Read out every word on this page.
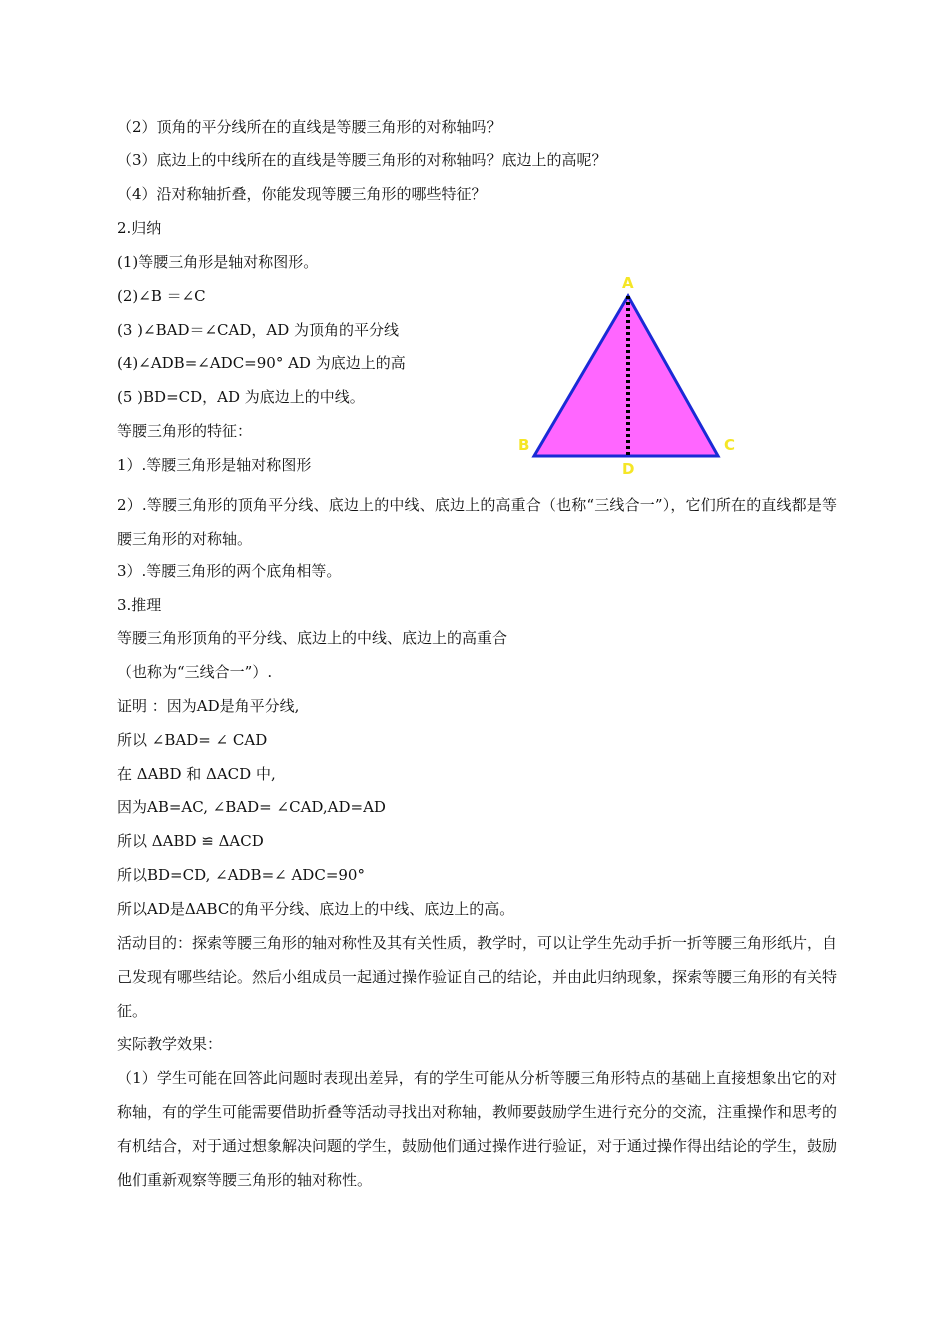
（2）顶角的平分线所在的直线是等腰三角形的对称轴吗？

（3）底边上的中线所在的直线是等腰三角形的对称轴吗？底边上的高呢？

（4）沿对称轴折叠，你能发现等腰三角形的哪些特征？

2.归纳

(1)等腰三角形是轴对称图形。

(2)∠B ＝∠C

(3 )∠BAD＝∠CAD，AD 为顶角的平分线

(4)∠ADB=∠ADC=90° AD 为底边上的高

(5 )BD=CD，AD 为底边上的中线。

等腰三角形的特征：

1）.等腰三角形是轴对称图形

2）.等腰三角形的顶角平分线、底边上的中线、底边上的高重合（也称“三线合一”），它们所在的直线都是等腰三角形的对称轴。

3）.等腰三角形的两个底角相等。

3.推理

等腰三角形顶角的平分线、底边上的中线、底边上的高重合

（也称为“三线合一”）.

证明 ：因为AD是角平分线,

所以 ∠BAD= ∠ CAD

在 ΔABD 和 ΔACD 中,

因为AB=AC, ∠BAD= ∠CAD,AD=AD

所以 ΔABD ≌ ΔACD

所以BD=CD, ∠ADB=∠ ADC=90°

所以AD是ΔABC的角平分线、底边上的中线、底边上的高。

活动目的：探索等腰三角形的轴对称性及其有关性质，教学时，可以让学生先动手折一折等腰三角形纸片，自己发现有哪些结论。然后小组成员一起通过操作验证自己的结论，并由此归纳现象，探索等腰三角形的有关特征。

实际教学效果：

（1）学生可能在回答此问题时表现出差异，有的学生可能从分析等腰三角形特点的基础上直接想象出它的对称轴，有的学生可能需要借助折叠等活动寻找出对称轴，教师要鼓励学生进行充分的交流，注重操作和思考的有机结合，对于通过想象解决问题的学生，鼓励他们通过操作进行验证，对于通过操作得出结论的学生，鼓励他们重新观察等腰三角形的轴对称性。

A
B	C
D
